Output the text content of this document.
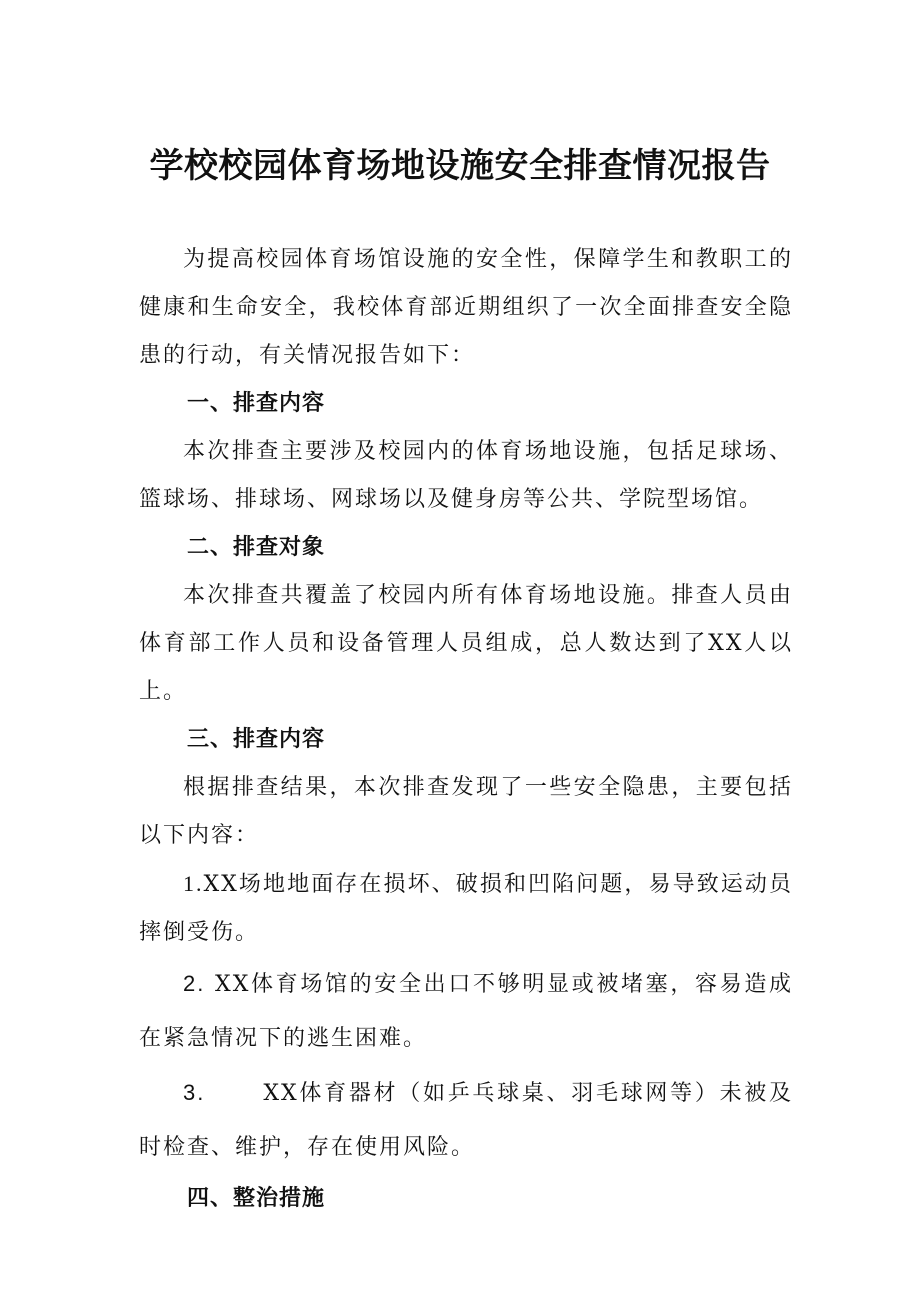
学校校园体育场地设施安全排查情况报告

为提高校园体育场馆设施的安全性，保障学生和教职工的健康和生命安全，我校体育部近期组织了一次全面排查安全隐患的行动，有关情况报告如下：

一、排查内容

本次排查主要涉及校园内的体育场地设施，包括足球场、篮球场、排球场、网球场以及健身房等公共、学院型场馆。

二、排查对象

本次排查共覆盖了校园内所有体育场地设施。排查人员由体育部工作人员和设备管理人员组成，总人数达到了XX人以上。

三、排查内容

根据排查结果，本次排查发现了一些安全隐患，主要包括以下内容：

1.XX场地地面存在损坏、破损和凹陷问题，易导致运动员摔倒受伤。

2. XX体育场馆的安全出口不够明显或被堵塞，容易造成在紧急情况下的逃生困难。

3.	XX体育器材（如乒乓球桌、羽毛球网等）未被及时检查、维护，存在使用风险。

四、整治措施
